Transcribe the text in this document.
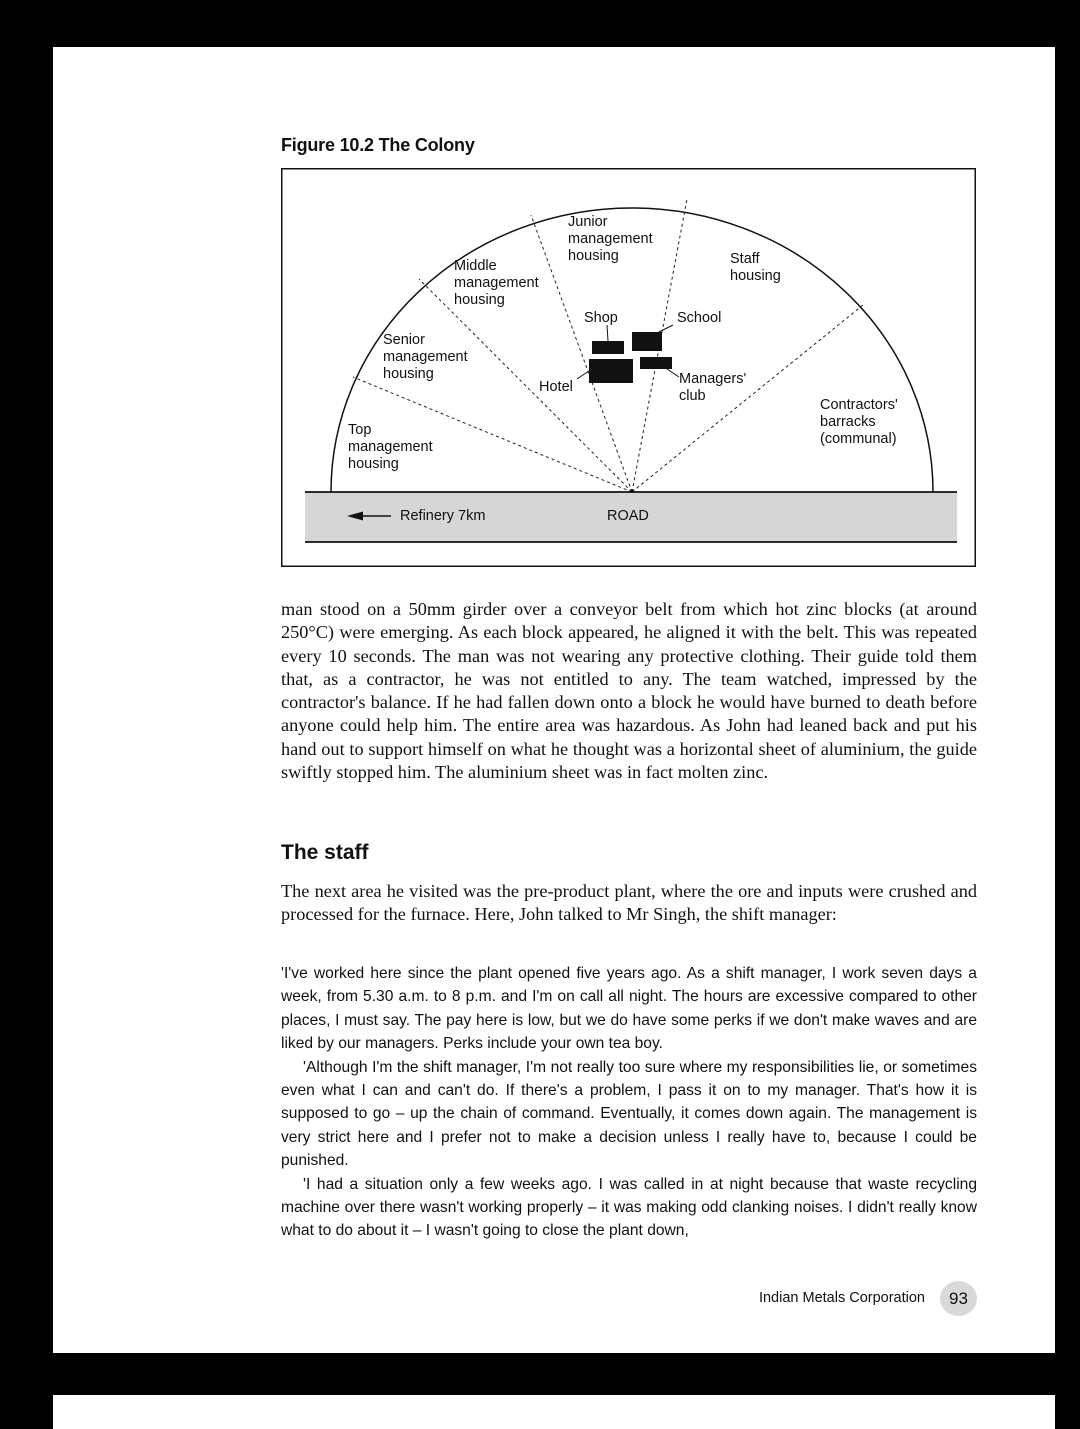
Figure 10.2 The Colony
Junior management housing	Staff housing
Middle management housing
Senior management housing
Top management housing
Contractors' barracks (communal)
Shop	School
Hotel	Managers' club
Refinery 7km	ROAD

man stood on a 50mm girder over a conveyor belt from which hot zinc blocks (at around 250°C) were emerging. As each block appeared, he aligned it with the belt. This was repeated every 10 seconds. The man was not wearing any protective clothing. Their guide told them that, as a contractor, he was not entitled to any. The team watched, impressed by the contractor's balance. If he had fallen down onto a block he would have burned to death before anyone could help him. The entire area was hazardous. As John had leaned back and put his hand out to support himself on what he thought was a horizontal sheet of aluminium, the guide swiftly stopped him. The aluminium sheet was in fact molten zinc.

The staff

The next area he visited was the pre-product plant, where the ore and inputs were crushed and processed for the furnace. Here, John talked to Mr Singh, the shift manager:

'I've worked here since the plant opened five years ago. As a shift manager, I work seven days a week, from 5.30 a.m. to 8 p.m. and I'm on call all night. The hours are excessive compared to other places, I must say. The pay here is low, but we do have some perks if we don't make waves and are liked by our managers. Perks include your own tea boy.

'Although I'm the shift manager, I'm not really too sure where my responsibilities lie, or sometimes even what I can and can't do. If there's a problem, I pass it on to my manager. That's how it is supposed to go – up the chain of command. Eventually, it comes down again. The management is very strict here and I prefer not to make a decision unless I really have to, because I could be punished.

'I had a situation only a few weeks ago. I was called in at night because that waste recycling machine over there wasn't working properly – it was making odd clanking noises. I didn't really know what to do about it – I wasn't going to close the plant down,

Indian Metals Corporation	93
